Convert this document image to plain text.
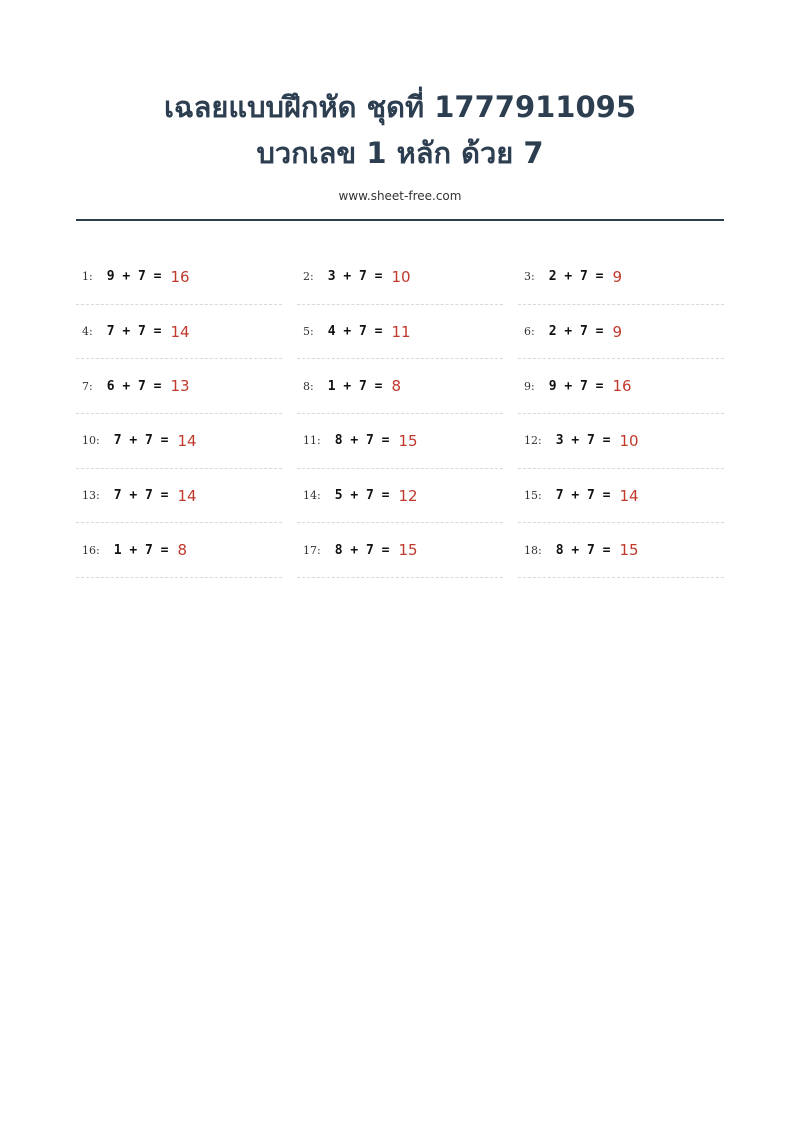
เฉลยแบบฝึกหัด ชุดที่ 1777911095
บวกเลข 1 หลัก ด้วย 7
www.sheet-free.com
1: 9 + 7 = 16	2: 3 + 7 = 10	3: 2 + 7 = 9
4: 7 + 7 = 14	5: 4 + 7 = 11	6: 2 + 7 = 9
7: 6 + 7 = 13	8: 1 + 7 = 8	9: 9 + 7 = 16
10: 7 + 7 = 14	11: 8 + 7 = 15	12: 3 + 7 = 10
13: 7 + 7 = 14	14: 5 + 7 = 12	15: 7 + 7 = 14
16: 1 + 7 = 8	17: 8 + 7 = 15	18: 8 + 7 = 15
